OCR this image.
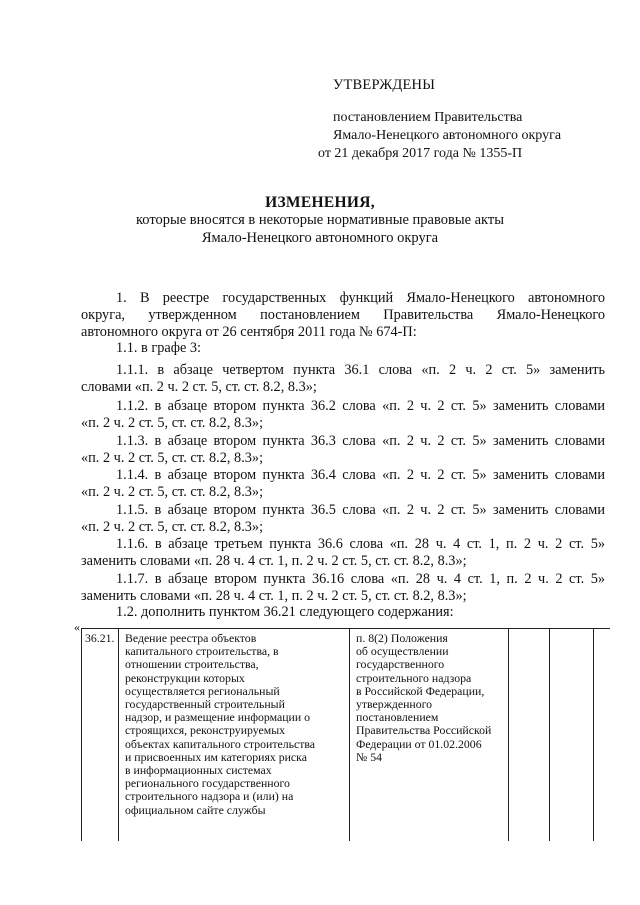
УТВЕРЖДЕНЫ
постановлением Правительства
Ямало-Ненецкого автономного округа
от 21 декабря 2017 года № 1355-П
ИЗМЕНЕНИЯ,
которые вносятся в некоторые нормативные правовые акты
Ямало-Ненецкого автономного округа
1. В реестре государственных функций Ямало-Ненецкого автономного
округа, утвержденном постановлением Правительства Ямало-Ненецкого
автономного округа от 26 сентября 2011 года № 674-П:
1.1. в графе 3:
1.1.1. в абзаце четвертом пункта 36.1 слова «п. 2 ч. 2 ст. 5» заменить
словами «п. 2 ч. 2 ст. 5, ст. ст. 8.2, 8.3»;
1.1.2. в абзаце втором пункта 36.2 слова «п. 2 ч. 2 ст. 5» заменить словами
«п. 2 ч. 2 ст. 5, ст. ст. 8.2, 8.3»;
1.1.3. в абзаце втором пункта 36.3 слова «п. 2 ч. 2 ст. 5» заменить словами
«п. 2 ч. 2 ст. 5, ст. ст. 8.2, 8.3»;
1.1.4. в абзаце втором пункта 36.4 слова «п. 2 ч. 2 ст. 5» заменить словами
«п. 2 ч. 2 ст. 5, ст. ст. 8.2, 8.3»;
1.1.5. в абзаце втором пункта 36.5 слова «п. 2 ч. 2 ст. 5» заменить словами
«п. 2 ч. 2 ст. 5, ст. ст. 8.2, 8.3»;
1.1.6. в абзаце третьем пункта 36.6 слова «п. 28 ч. 4 ст. 1, п. 2 ч. 2 ст. 5»
заменить словами «п. 28 ч. 4 ст. 1, п. 2 ч. 2 ст. 5, ст. ст. 8.2, 8.3»;
1.1.7. в абзаце втором пункта 36.16 слова «п. 28 ч. 4 ст. 1, п. 2 ч. 2 ст. 5»
заменить словами «п. 28 ч. 4 ст. 1, п. 2 ч. 2 ст. 5, ст. ст. 8.2, 8.3»;
1.2. дополнить пунктом 36.21 следующего содержания:
«
36.21. Ведение реестра объектов
капитального строительства, в
отношении строительства,
реконструкции которых
осуществляется региональный
государственный строительный
надзор, и размещение информации о
строящихся, реконструируемых
объектах капитального строительства
и присвоенных им категориях риска
в информационных системах
регионального государственного
строительного надзора и (или) на
официальном сайте службы
п. 8(2) Положения
об осуществлении
государственного
строительного надзора
в Российской Федерации,
утвержденного
постановлением
Правительства Российской
Федерации от 01.02.2006
№ 54
